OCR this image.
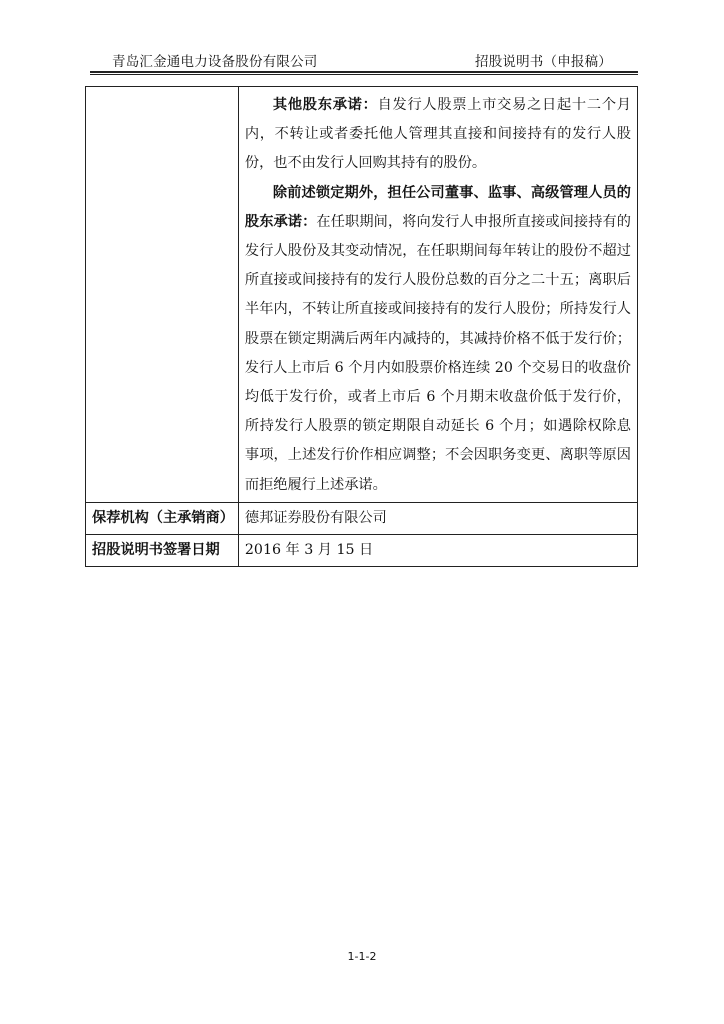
青岛汇金通电力设备股份有限公司	招股说明书（申报稿）

	其他股东承诺：自发行人股票上市交易之日起十二个月内，不转让或者委托他人管理其直接和间接持有的发行人股份，也不由发行人回购其持有的股份。

除前述锁定期外，担任公司董事、监事、高级管理人员的股东承诺：在任职期间，将向发行人申报所直接或间接持有的发行人股份及其变动情况，在任职期间每年转让的股份不超过所直接或间接持有的发行人股份总数的百分之二十五；离职后半年内，不转让所直接或间接持有的发行人股份；所持发行人股票在锁定期满后两年内减持的，其减持价格不低于发行价；发行人上市后 6 个月内如股票价格连续 20 个交易日的收盘价均低于发行价，或者上市后 6 个月期末收盘价低于发行价，所持发行人股票的锁定期限自动延长 6 个月；如遇除权除息事项，上述发行价作相应调整；不会因职务变更、离职等原因而拒绝履行上述承诺。

保荐机构（主承销商）	德邦证券股份有限公司
招股说明书签署日期	2016 年 3 月 15 日
1-1-2
